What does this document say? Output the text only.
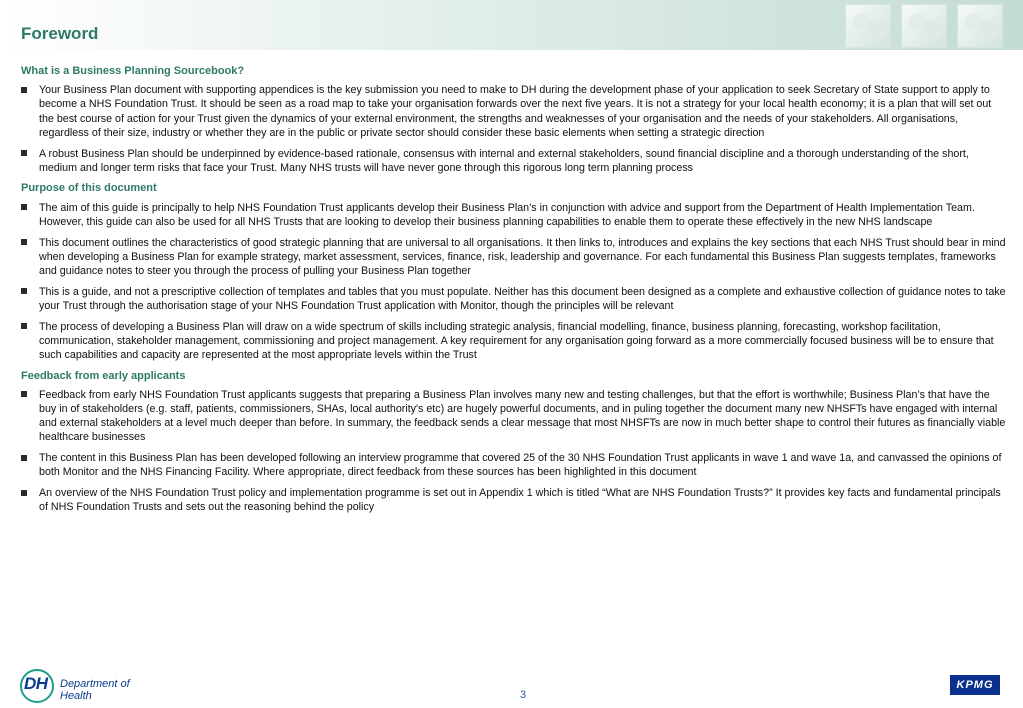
Foreword
What is a Business Planning Sourcebook?
Your Business Plan document with supporting appendices is the key submission you need to make to DH during the development phase of your application to seek Secretary of State support to apply to become a NHS Foundation Trust. It should be seen as a road map to take your organisation forwards over the next five years. It is not a strategy for your local health economy; it is a plan that will set out the best course of action for your Trust given the dynamics of your external environment, the strengths and weaknesses of your organisation and the needs of your stakeholders. All organisations, regardless of their size, industry or whether they are in the public or private sector should consider these basic elements when setting a strategic direction
A robust Business Plan should be underpinned by evidence-based rationale, consensus with internal and external stakeholders, sound financial discipline and a thorough understanding of the short, medium and longer term risks that face your Trust. Many NHS trusts will have never gone through this rigorous long term planning process
Purpose of this document
The aim of this guide is principally to help NHS Foundation Trust applicants develop their Business Plan’s in conjunction with advice and support from the Department of Health Implementation Team. However, this guide can also be used for all NHS Trusts that are looking to develop their business planning capabilities to enable them to operate these effectively in the new NHS landscape
This document outlines the characteristics of good strategic planning that are universal to all organisations. It then links to, introduces and explains the key sections that each NHS Trust should bear in mind when developing a Business Plan for example strategy, market assessment, services, finance, risk, leadership and governance. For each fundamental this Business Plan suggests templates, frameworks and guidance notes to steer you through the process of pulling your Business Plan together
This is a guide, and not a prescriptive collection of templates and tables that you must populate. Neither has this document been designed as a complete and exhaustive collection of guidance notes to take your Trust through the authorisation stage of your NHS Foundation Trust application with Monitor, though the principles will be relevant
The process of developing a Business Plan will draw on a wide spectrum of skills including strategic analysis, financial modelling, finance, business planning, forecasting, workshop facilitation, communication, stakeholder management, commissioning and project management. A key requirement for any organisation going forward as a more commercially focused business will be to ensure that such capabilities and capacity are represented at the most appropriate levels within the Trust
Feedback from early applicants
Feedback from early NHS Foundation Trust applicants suggests that preparing a Business Plan involves many new and testing challenges, but that the effort is worthwhile; Business Plan’s that have the buy in of stakeholders (e.g. staff, patients, commissioners, SHAs, local authority's etc) are hugely powerful documents, and in puling together the document many new NHSFTs have engaged with internal and external stakeholders at a level much deeper than before. In summary, the feedback sends a clear message that most NHSFTs are now in much better shape to control their futures as financially viable healthcare businesses
The content in this Business Plan has been developed following an interview programme that covered 25 of the 30 NHS Foundation Trust applicants in wave 1 and wave 1a, and canvassed the opinions of both Monitor and the NHS Financing Facility. Where appropriate, direct feedback from these sources has been highlighted in this document
An overview of the NHS Foundation Trust policy and implementation programme is set out in Appendix 1 which is titled “What are NHS Foundation Trusts?” It provides key facts and fundamental principals of NHS Foundation Trusts and sets out the reasoning behind the policy
DH Department of Health	3
KPMG
